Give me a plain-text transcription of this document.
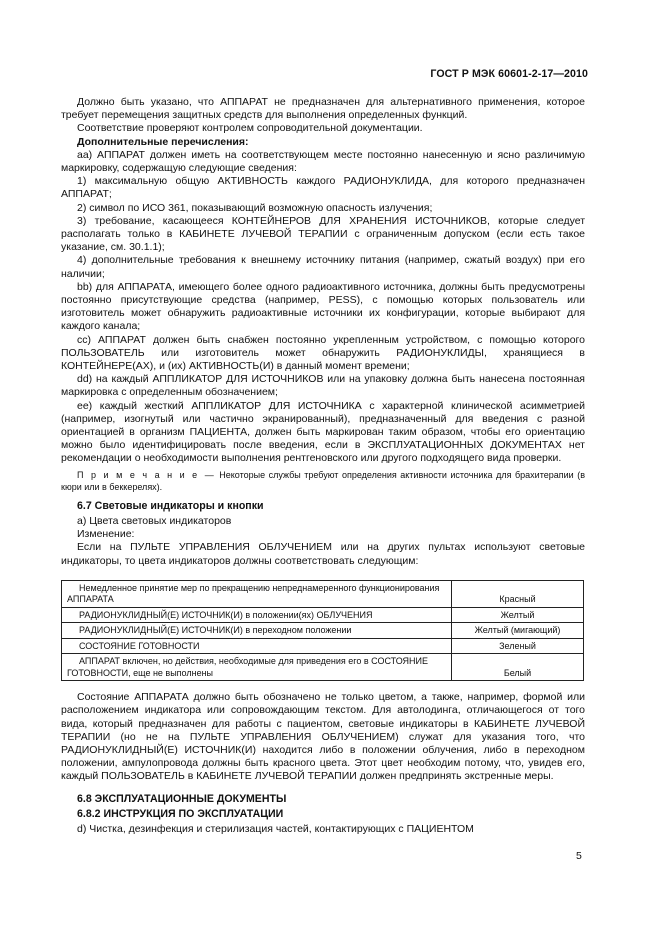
ГОСТ Р МЭК 60601-2-17—2010

Должно быть указано, что АППАРАТ не предназначен для альтернативного применения, которое требует перемещения защитных средств для выполнения определенных функций.

Соответствие проверяют контролем сопроводительной документации.

Дополнительные перечисления:

aa) АППАРАТ должен иметь на соответствующем месте постоянно нанесенную и ясно различимую маркировку, содержащую следующие сведения:

1) максимальную общую АКТИВНОСТЬ каждого РАДИОНУКЛИДА, для которого предназначен АППАРАТ;

2) символ по ИСО 361, показывающий возможную опасность излучения;

3) требование, касающееся КОНТЕЙНЕРОВ ДЛЯ ХРАНЕНИЯ ИСТОЧНИКОВ, которые следует располагать только в КАБИНЕТЕ ЛУЧЕВОЙ ТЕРАПИИ с ограниченным допуском (если есть такое указание, см. 30.1.1);

4) дополнительные требования к внешнему источнику питания (например, сжатый воздух) при его наличии;

bb) для АППАРАТА, имеющего более одного радиоактивного источника, должны быть предусмотрены постоянно присутствующие средства (например, PESS), с помощью которых пользователь или изготовитель может обнаружить радиоактивные источники их конфигурации, которые выбирают для каждого канала;

cc) АППАРАТ должен быть снабжен постоянно укрепленным устройством, с помощью которого ПОЛЬЗОВАТЕЛЬ или изготовитель может обнаружить РАДИОНУКЛИДЫ, хранящиеся в КОНТЕЙНЕРЕ(АХ), и (их) АКТИВНОСТЬ(И) в данный момент времени;

dd) на каждый АППЛИКАТОР ДЛЯ ИСТОЧНИКОВ или на упаковку должна быть нанесена постоянная маркировка с определенным обозначением;

ee) каждый жесткий АППЛИКАТОР ДЛЯ ИСТОЧНИКА с характерной клинической асимметрией (например, изогнутый или частично экранированный), предназначенный для введения с разной ориентацией в организм ПАЦИЕНТА, должен быть маркирован таким образом, чтобы его ориентацию можно было идентифицировать после введения, если в ЭКСПЛУАТАЦИОННЫХ ДОКУМЕНТАХ нет рекомендации о необходимости выполнения рентгеновского или другого подходящего вида проверки.

П р и м е ч а н и е — Некоторые службы требуют определения активности источника для брахитерапии (в кюри или в беккерелях).

6.7 Световые индикаторы и кнопки

a) Цвета световых индикаторов

Изменение:

Если на ПУЛЬТЕ УПРАВЛЕНИЯ ОБЛУЧЕНИЕМ или на других пультах используют световые индикаторы, то цвета индикаторов должны соответствовать следующим:

Немедленное принятие мер по прекращению непреднамеренного функционирования АППАРАТА	Красный
РАДИОНУКЛИДНЫЙ(Е) ИСТОЧНИК(И) в положении(ях) ОБЛУЧЕНИЯ	Желтый
РАДИОНУКЛИДНЫЙ(Е) ИСТОЧНИК(И) в переходном положении	Желтый (мигающий)
СОСТОЯНИЕ ГОТОВНОСТИ	Зеленый
АППАРАТ включен, но действия, необходимые для приведения его в СОСТОЯНИЕ ГОТОВНОСТИ, еще не выполнены	Белый

Состояние АППАРАТА должно быть обозначено не только цветом, а также, например, формой или расположением индикатора или сопровождающим текстом. Для автолодинга, отличающегося от того вида, который предназначен для работы с пациентом, световые индикаторы в КАБИНЕТЕ ЛУЧЕВОЙ ТЕРАПИИ (но не на ПУЛЬТЕ УПРАВЛЕНИЯ ОБЛУЧЕНИЕМ) служат для указания того, что РАДИОНУКЛИДНЫЙ(Е) ИСТОЧНИК(И) находится либо в положении облучения, либо в переходном положении, ампулопровода должны быть красного цвета. Этот цвет необходим потому, что, увидев его, каждый ПОЛЬЗОВАТЕЛЬ в КАБИНЕТЕ ЛУЧЕВОЙ ТЕРАПИИ должен предпринять экстренные меры.

6.8 ЭКСПЛУАТАЦИОННЫЕ ДОКУМЕНТЫ
6.8.2 ИНСТРУКЦИЯ ПО ЭКСПЛУАТАЦИИ

d) Чистка, дезинфекция и стерилизация частей, контактирующих с ПАЦИЕНТОМ

5
